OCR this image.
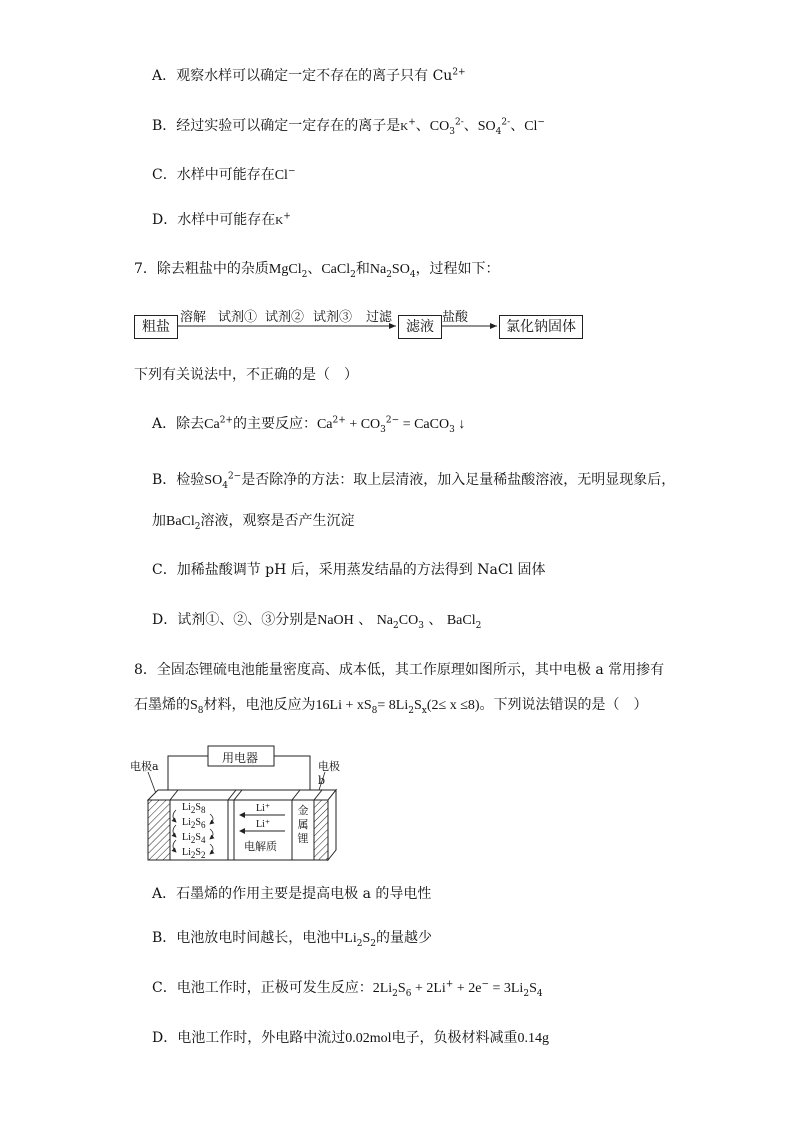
A．观察水样可以确定一定不存在的离子只有 $Cu^{2+}$
B．经过实验可以确定一定存在的离子是K+、$CO_3^{2-}$、$SO_4^{2-}$、Cl−
C．水样中可能存在Cl−
D．水样中可能存在K+
7．除去粗盐中的杂质MgCl$_2$、CaCl$_2$和$Na_2SO_4$，过程如下：
粗盐
溶解 试剂① 试剂② 试剂③ 过滤
滤液
盐酸
氯化钠固体
下列有关说法中，不正确的是（　）
A．除去$Ca^{2+}$的主要反应：$Ca^{2+} + CO_3^{2-}$ = CaCO$_3$ ↓
B．检验$SO_4^{2-}$是否除净的方法：取上层清液，加入足量稀盐酸溶液，无明显现象后，
加BaCl$_2$溶液，观察是否产生沉淀
C．加稀盐酸调节 pH 后，采用蒸发结晶的方法得到 NaCl 固体
D．试剂①、②、③分别是NaOH 、 $Na_2CO_3$ 、 BaCl$_2$
8．全固态锂硫电池能量密度高、成本低，其工作原理如图所示，其中电极 a 常用掺有
石墨烯的$S_8$材料，电池反应为$16Li + xS_8= 8Li_2S_x(2\le x \le 8)$。下列说法错误的是（　）
电极a	电极b
用电器
$Li_2S_8$
$Li_2S_6$
$Li_2S_4$
$Li_2S_2$
Li⁺
Li⁺
电解质
金
属
锂
A．石墨烯的作用主要是提高电极 a 的导电性
B．电池放电时间越长，电池中$Li_2S_2$的量越少
C．电池工作时，正极可发生反应：$2Li_2S_6 + 2Li^+ + 2e^- = 3Li_2S_4$
D．电池工作时，外电路中流过0.02mol电子，负极材料减重0.14g
